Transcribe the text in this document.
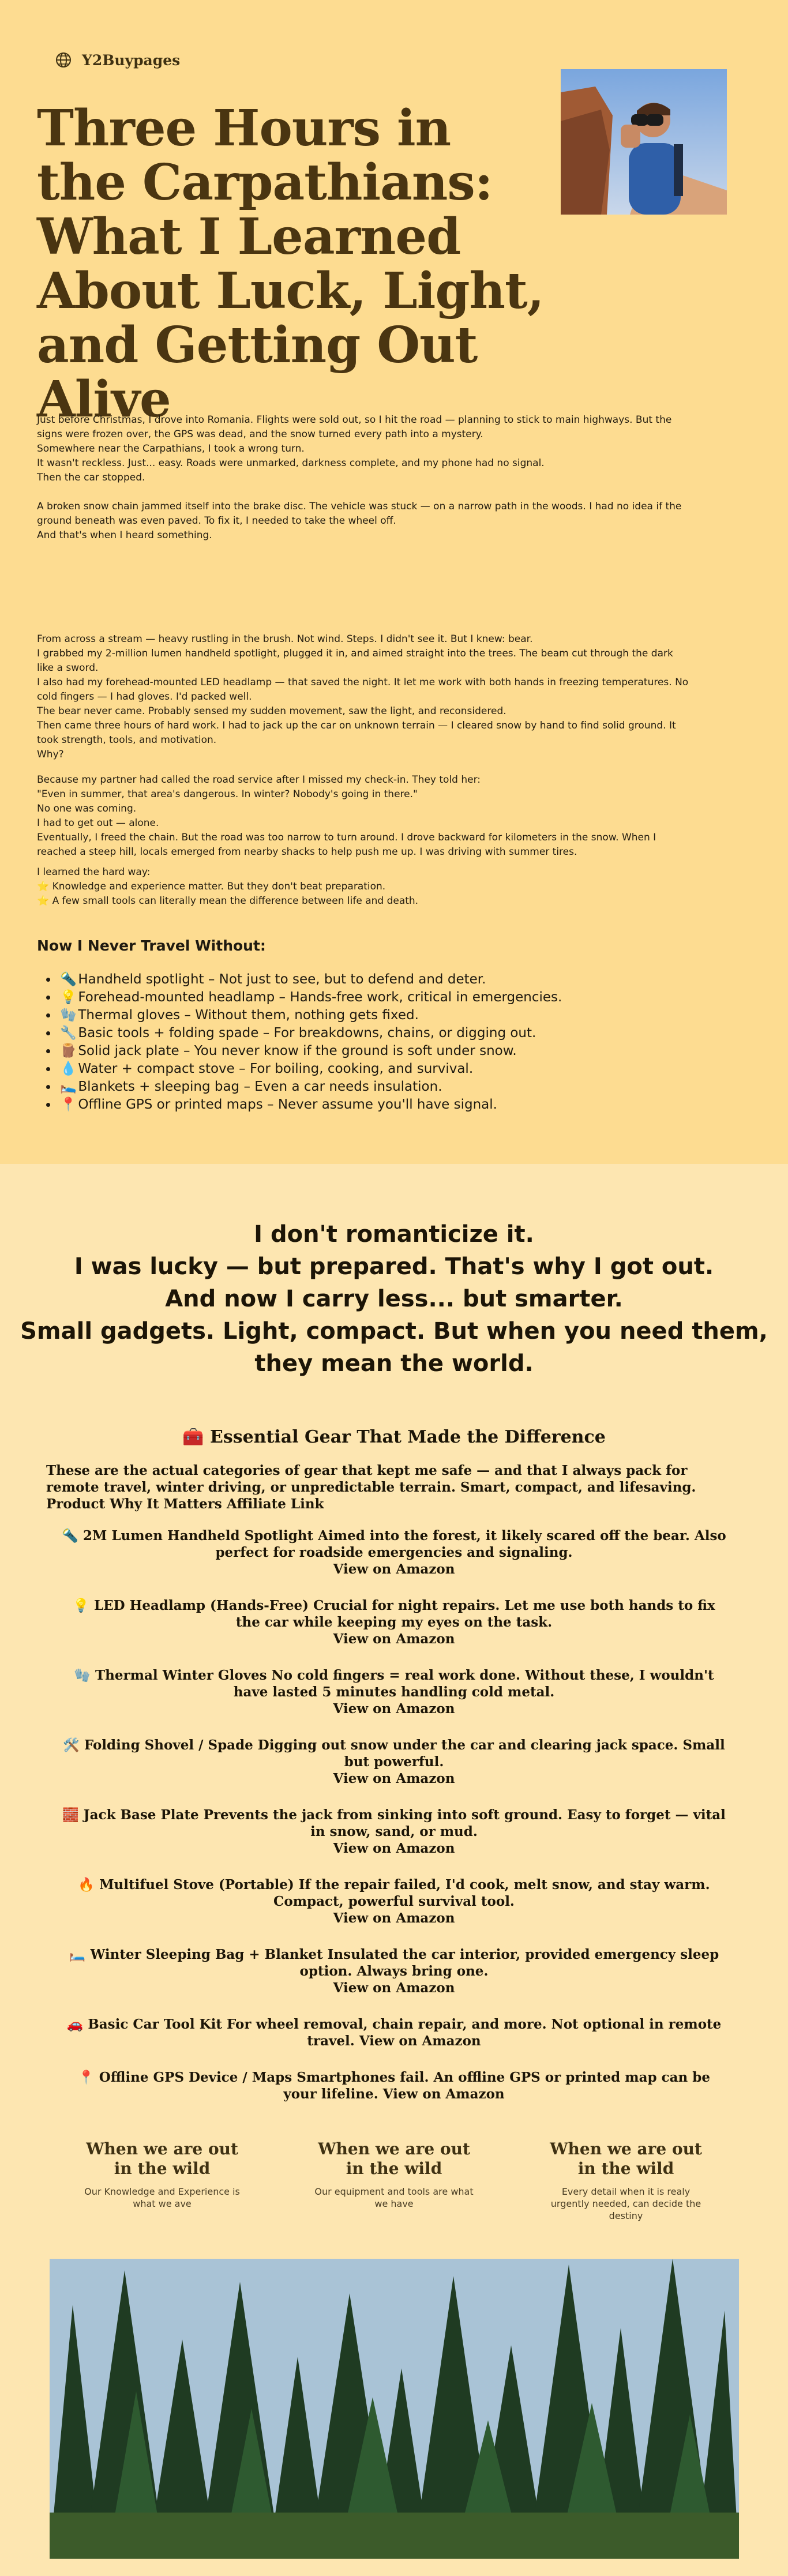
Y2Buypages
Three Hours in the Carpathians: What I Learned About Luck, Light, and Getting Out Alive

Just before Christmas, I drove into Romania. Flights were sold out, so I hit the road — planning to stick to main highways. But the signs were frozen over, the GPS was dead, and the snow turned every path into a mystery.
Somewhere near the Carpathians, I took a wrong turn.
It wasn't reckless. Just... easy. Roads were unmarked, darkness complete, and my phone had no signal.
Then the car stopped.

A broken snow chain jammed itself into the brake disc. The vehicle was stuck — on a narrow path in the woods. I had no idea if the ground beneath was even paved. To fix it, I needed to take the wheel off.
And that's when I heard something.

From across a stream — heavy rustling in the brush. Not wind. Steps. I didn't see it. But I knew: bear.
I grabbed my 2-million lumen handheld spotlight, plugged it in, and aimed straight into the trees. The beam cut through the dark like a sword.
I also had my forehead-mounted LED headlamp — that saved the night. It let me work with both hands in freezing temperatures. No cold fingers — I had gloves. I'd packed well.
The bear never came. Probably sensed my sudden movement, saw the light, and reconsidered.
Then came three hours of hard work. I had to jack up the car on unknown terrain — I cleared snow by hand to find solid ground. It took strength, tools, and motivation.
Why?

Because my partner had called the road service after I missed my check-in. They told her:
"Even in summer, that area's dangerous. In winter? Nobody's going in there."
No one was coming.
I had to get out — alone.
Eventually, I freed the chain. But the road was too narrow to turn around. I drove backward for kilometers in the snow. When I reached a steep hill, locals emerged from nearby shacks to help push me up. I was driving with summer tires.

I learned the hard way:
⭐ Knowledge and experience matter. But they don't beat preparation.
⭐ A few small tools can literally mean the difference between life and death.

Now I Never Travel Without:
• 🔦 Handheld spotlight – Not just to see, but to defend and deter.
• 💡 Forehead-mounted headlamp – Hands-free work, critical in emergencies.
• 🧤 Thermal gloves – Without them, nothing gets fixed.
• 🔧 Basic tools + folding spade – For breakdowns, chains, or digging out.
• 🪵 Solid jack plate – You never know if the ground is soft under snow.
• 💧 Water + compact stove – For boiling, cooking, and survival.
• 🛌 Blankets + sleeping bag – Even a car needs insulation.
• 📍 Offline GPS or printed maps – Never assume you'll have signal.
I don't romanticize it.
I was lucky — but prepared. That's why I got out.
And now I carry less... but smarter.
Small gadgets. Light, compact. But when you need them,
they mean the world.
🧰 Essential Gear That Made the Difference

These are the actual categories of gear that kept me safe — and that I always pack for remote travel, winter driving, or unpredictable terrain. Smart, compact, and lifesaving.

Product Why It Matters Affiliate Link

🔦 2M Lumen Handheld Spotlight Aimed into the forest, it likely scared off the bear. Also perfect for roadside emergencies and signaling.
View on Amazon
💡 LED Headlamp (Hands-Free) Crucial for night repairs. Let me use both hands to fix the car while keeping my eyes on the task.
View on Amazon
🧤 Thermal Winter Gloves No cold fingers = real work done. Without these, I wouldn't have lasted 5 minutes handling cold metal.
View on Amazon
🛠️ Folding Shovel / Spade Digging out snow under the car and clearing jack space. Small but powerful.
View on Amazon
🧱 Jack Base Plate Prevents the jack from sinking into soft ground. Easy to forget — vital in snow, sand, or mud.
View on Amazon
🔥 Multifuel Stove (Portable) If the repair failed, I'd cook, melt snow, and stay warm. Compact, powerful survival tool.
View on Amazon
🛏️ Winter Sleeping Bag + Blanket Insulated the car interior, provided emergency sleep option. Always bring one.
View on Amazon
🚗 Basic Car Tool Kit For wheel removal, chain repair, and more. Not optional in remote travel. View on Amazon
📍 Offline GPS Device / Maps Smartphones fail. An offline GPS or printed map can be your lifeline. View on Amazon
When we are out in the wild

Our Knowledge and Experience is what we ave

When we are out in the wild

Our equipment and tools are what we have

When we are out in the wild

Every detail when it is realy urgently needed, can decide the destiny
